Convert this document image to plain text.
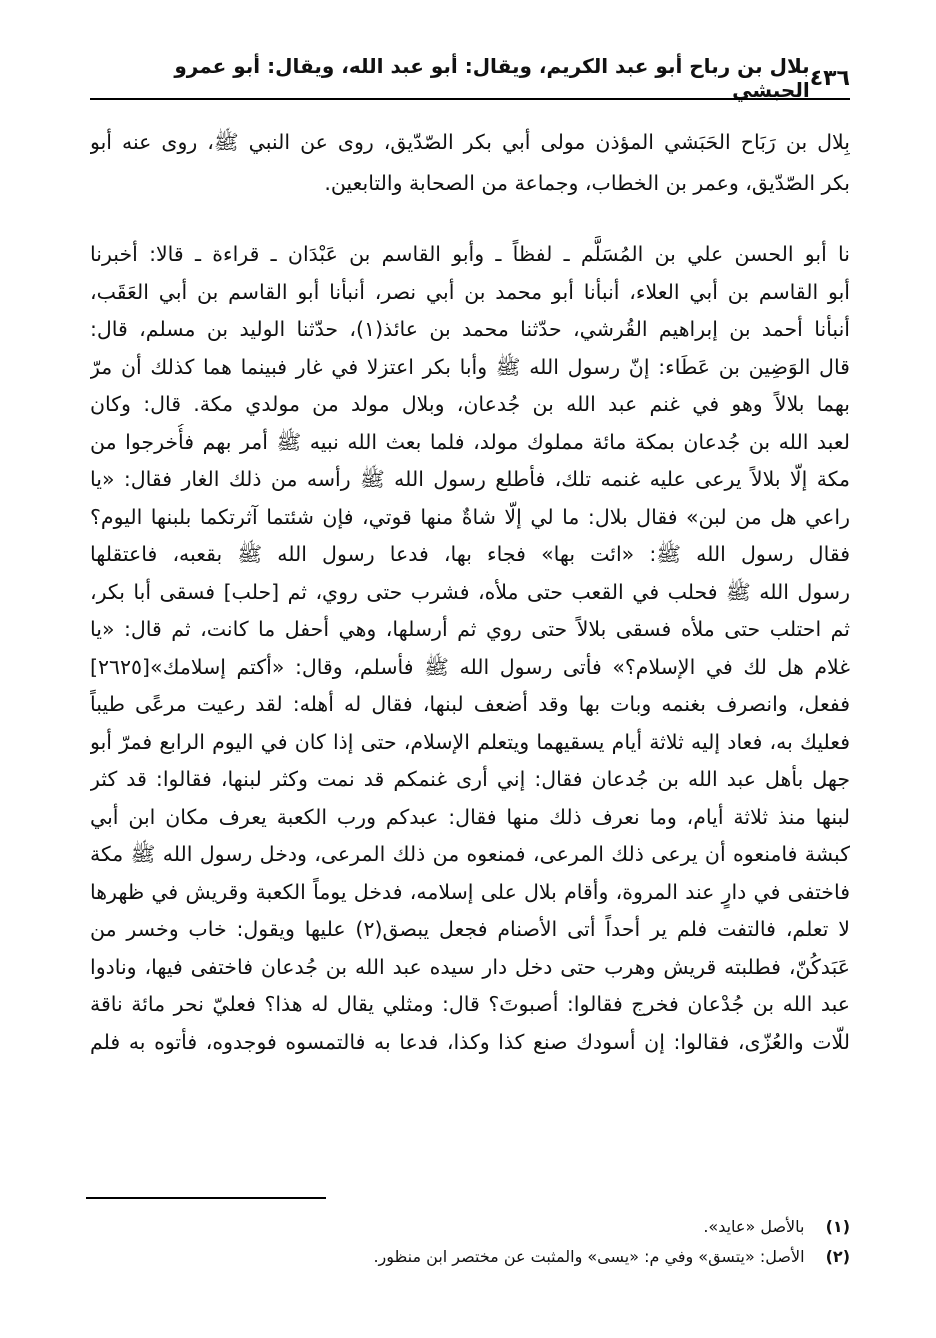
٤٣٦
بلال بن رباح أبو عبد الكريم، ويقال: أبو عبد الله، ويقال: أبو عمرو الحبشي
بِلال بن رَبَاح الحَبَشي المؤذن مولى أبي بكر الصّدّيق، روى عن النبي ﷺ، روى عنه أبو
بكر الصّدّيق، وعمر بن الخطاب، وجماعة من الصحابة والتابعين.
نا أبو الحسن علي بن المُسَلَّم ـ لفظاً ـ وأبو القاسم بن عَبْدَان ـ قراءة ـ قالا: أخبرنا
أبو القاسم بن أبي العلاء، أنبأنا أبو محمد بن أبي نصر، أنبأنا أبو القاسم بن أبي العَقَب،
أنبأنا أحمد بن إبراهيم القُرشي، حدّثنا محمد بن عائذ(١)، حدّثنا الوليد بن مسلم، قال:
قال الوَضِين بن عَطَاء: إنّ رسول الله ﷺ وأبا بكر اعتزلا في غار فبينما هما كذلك أن مرّ
بهما بلالاً وهو في غنم عبد الله بن جُدعان، وبلال مولد من مولدي مكة. قال: وكان
لعبد الله بن جُدعان بمكة مائة مملوك مولد، فلما بعث الله نبيه ﷺ أمر بهم فأُخرجوا من
مكة إلّا بلالاً يرعى عليه غنمه تلك، فأطلع رسول الله ﷺ رأسه من ذلك الغار فقال: «يا
راعي هل من لبن» فقال بلال: ما لي إلّا شاةٌ منها قوتي، فإن شئتما آثرتكما بلبنها اليوم؟
فقال رسول الله ﷺ: «ائت بها» فجاء بها، فدعا رسول الله ﷺ بقعبه، فاعتقلها
رسول الله ﷺ فحلب في القعب حتى ملأه، فشرب حتى روي، ثم [حلب] فسقى أبا بكر،
ثم احتلب حتى ملأه فسقى بلالاً حتى روي ثم أرسلها، وهي أحفل ما كانت، ثم قال: «يا
غلام هل لك في الإسلام؟» فأتى رسول الله ﷺ فأسلم، وقال: «أكتم إسلامك»[٢٦٢٥]
ففعل، وانصرف بغنمه وبات بها وقد أضعف لبنها، فقال له أهله: لقد رعيت مرعًى طيباً
فعليك به، فعاد إليه ثلاثة أيام يسقيهما ويتعلم الإسلام، حتى إذا كان في اليوم الرابع فمرّ أبو
جهل بأهل عبد الله بن جُدعان فقال: إني أرى غنمكم قد نمت وكثر لبنها، فقالوا: قد كثر
لبنها منذ ثلاثة أيام، وما نعرف ذلك منها فقال: عبدكم ورب الكعبة يعرف مكان ابن أبي
كبشة فامنعوه أن يرعى ذلك المرعى، فمنعوه من ذلك المرعى، ودخل رسول الله ﷺ مكة
فاختفى في دارٍ عند المروة، وأقام بلال على إسلامه، فدخل يوماً الكعبة وقريش في ظهرها
لا تعلم، فالتفت فلم ير أحداً أتى الأصنام فجعل يبصق(٢) عليها ويقول: خاب وخسر من
عَبَدكُنّ، فطلبته قريش وهرب حتى دخل دار سيده عبد الله بن جُدعان فاختفى فيها، ونادوا
عبد الله بن جُدْعان فخرج فقالوا: أصبوتَ؟ قال: ومثلي يقال له هذا؟ فعليّ نحر مائة ناقة
للّات والعُزّى، فقالوا: إن أسودك صنع كذا وكذا، فدعا به فالتمسوه فوجدوه، فأتوه به فلم
(١) بالأصل «عايد».
(٢) الأصل: «يتسق» وفي م: «يسى» والمثبت عن مختصر ابن منظور.
